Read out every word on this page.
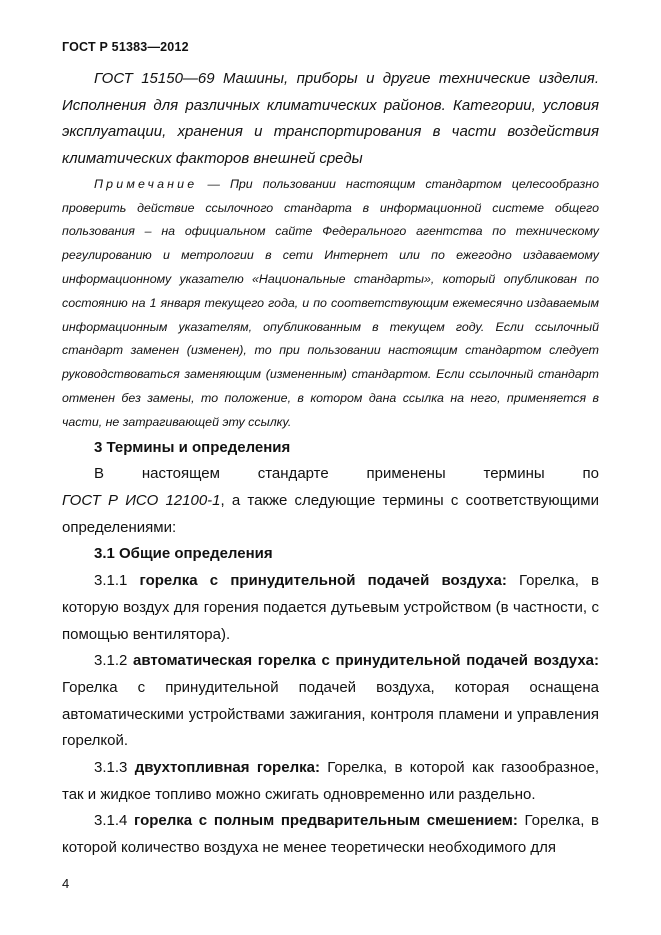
ГОСТ Р 51383—2012

ГОСТ 15150—69 Машины, приборы и другие технические изделия. Исполнения для различных климатических районов. Категории, условия эксплуатации, хранения и транспортирования в части воздействия климатических факторов внешней среды

Примечание — При пользовании настоящим стандартом целесообразно проверить действие ссылочного стандарта в информационной системе общего пользования – на официальном сайте Федерального агентства по техническому регулированию и метрологии в сети Интернет или по ежегодно издаваемому информационному указателю «Национальные стандарты», который опубликован по состоянию на 1 января текущего года, и по соответствующим ежемесячно издаваемым информационным указателям, опубликованным в текущем году. Если ссылочный стандарт заменен (изменен), то при пользовании настоящим стандартом следует руководствоваться заменяющим (измененным) стандартом. Если ссылочный стандарт отменен без замены, то положение, в котором дана ссылка на него, применяется в части, не затрагивающей эту ссылку.

3 Термины и определения

В	настоящем	стандарте	применены	термины	по

ГОСТ Р ИСО 12100-1, а также следующие термины с соответствующими определениями:

3.1 Общие определения

3.1.1 горелка с принудительной подачей воздуха: Горелка, в которую воздух для горения подается дутьевым устройством (в частности, с помощью вентилятора).

3.1.2 автоматическая горелка с принудительной подачей воздуха: Горелка с принудительной подачей воздуха, которая оснащена автоматическими устройствами зажигания, контроля пламени и управления горелкой.

3.1.3 двухтопливная горелка: Горелка, в которой как газообразное, так и жидкое топливо можно сжигать одновременно или раздельно.

3.1.4 горелка с полным предварительным смешением: Горелка, в которой количество воздуха не менее теоретически необходимого для

4
